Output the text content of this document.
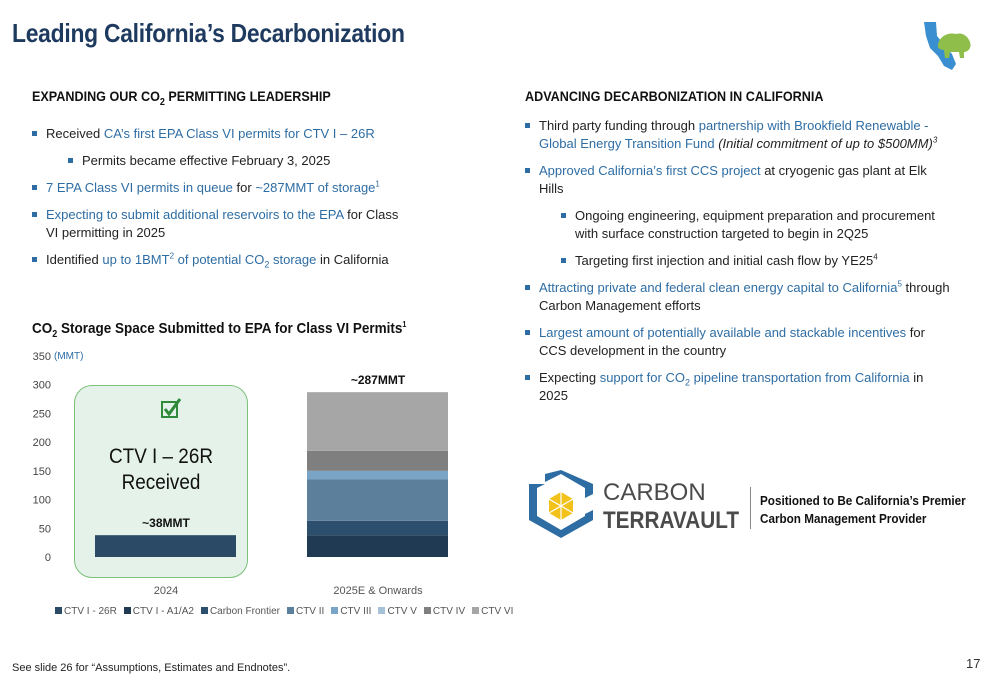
Leading California’s Decarbonization
EXPANDING OUR $CO_2$ PERMITTING LEADERSHIP
Received CA’s first EPA Class VI permits for CTV I – 26R
Permits became effective February 3, 2025
7 EPA Class VI permits in queue for ~287MMT of storage$^1$
Expecting to submit additional reservoirs to the EPA for Class VI permitting in 2025
Identified up to 1BMT$^2$ of potential $CO_2$ storage in California
ADVANCING DECARBONIZATION IN CALIFORNIA
Third party funding through partnership with Brookfield Renewable - Global Energy Transition Fund (Initial commitment of up to $500MM)$^3$
Approved California’s first CCS project at cryogenic gas plant at Elk Hills
Ongoing engineering, equipment preparation and procurement with surface construction targeted to begin in 2Q25
Targeting first injection and initial cash flow by $YE25^4$
Attracting private and federal clean energy capital to California$^5$ through Carbon Management efforts
Largest amount of potentially available and stackable incentives for CCS development in the country
Expecting support for $CO_2$ pipeline transportation from California in 2025
$CO_2$ Storage Space Submitted to EPA for Class VI Permits$^1$
0
50
100
150
200
250
300
350 (MMT)
2024	2025E & Onwards
~287MMT
~38MMT
CTV I – 26R
Received
CTV I - 26R CTV I - A1/A2 Carbon Frontier CTV II CTV III CTV V CTV IV CTV VI
CARBON
TERRAVAULT
Positioned to Be California’s Premier
Carbon Management Provider
See slide 26 for “Assumptions, Estimates and Endnotes”.	17
